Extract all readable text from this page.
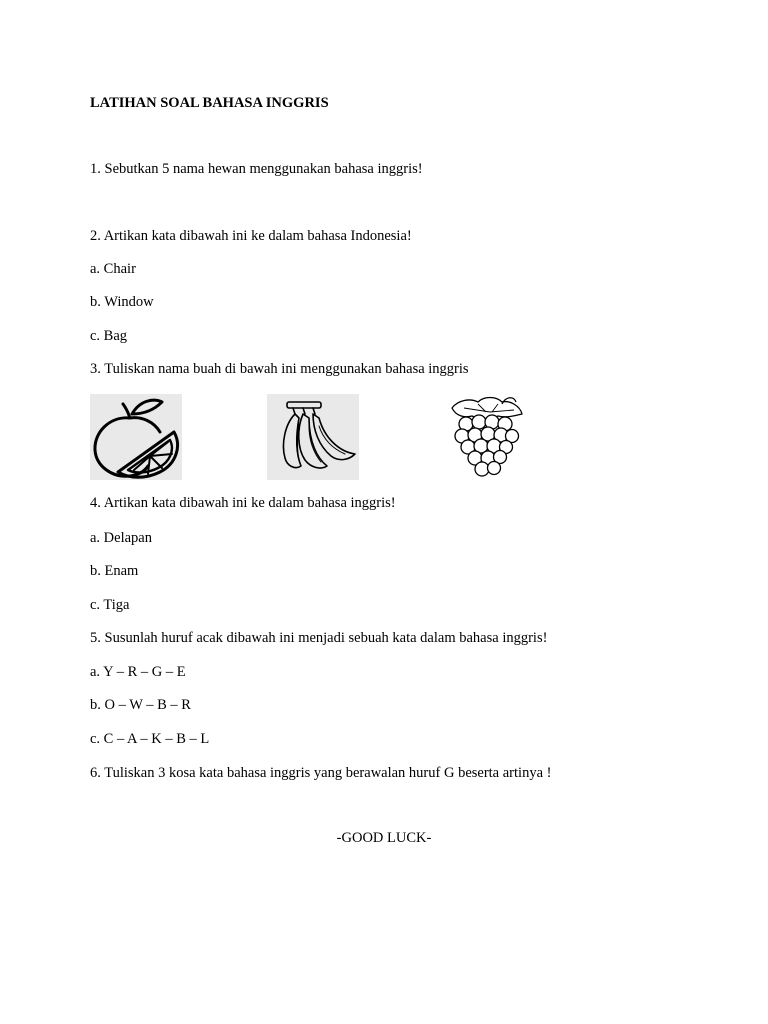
LATIHAN SOAL BAHASA INGGRIS
1. Sebutkan 5 nama hewan menggunakan bahasa inggris!
2. Artikan kata dibawah ini ke dalam bahasa Indonesia!
a. Chair
b. Window
c. Bag
3. Tuliskan nama buah di bawah ini menggunakan bahasa inggris
4. Artikan kata dibawah ini ke dalam bahasa inggris!
a. Delapan
b. Enam
c. Tiga
5. Susunlah huruf acak dibawah ini menjadi sebuah kata dalam bahasa inggris!
a. Y – R – G – E
b. O – W – B – R
c. C – A – K – B – L
6. Tuliskan 3 kosa kata bahasa inggris yang berawalan huruf G beserta artinya !
-GOOD LUCK-
